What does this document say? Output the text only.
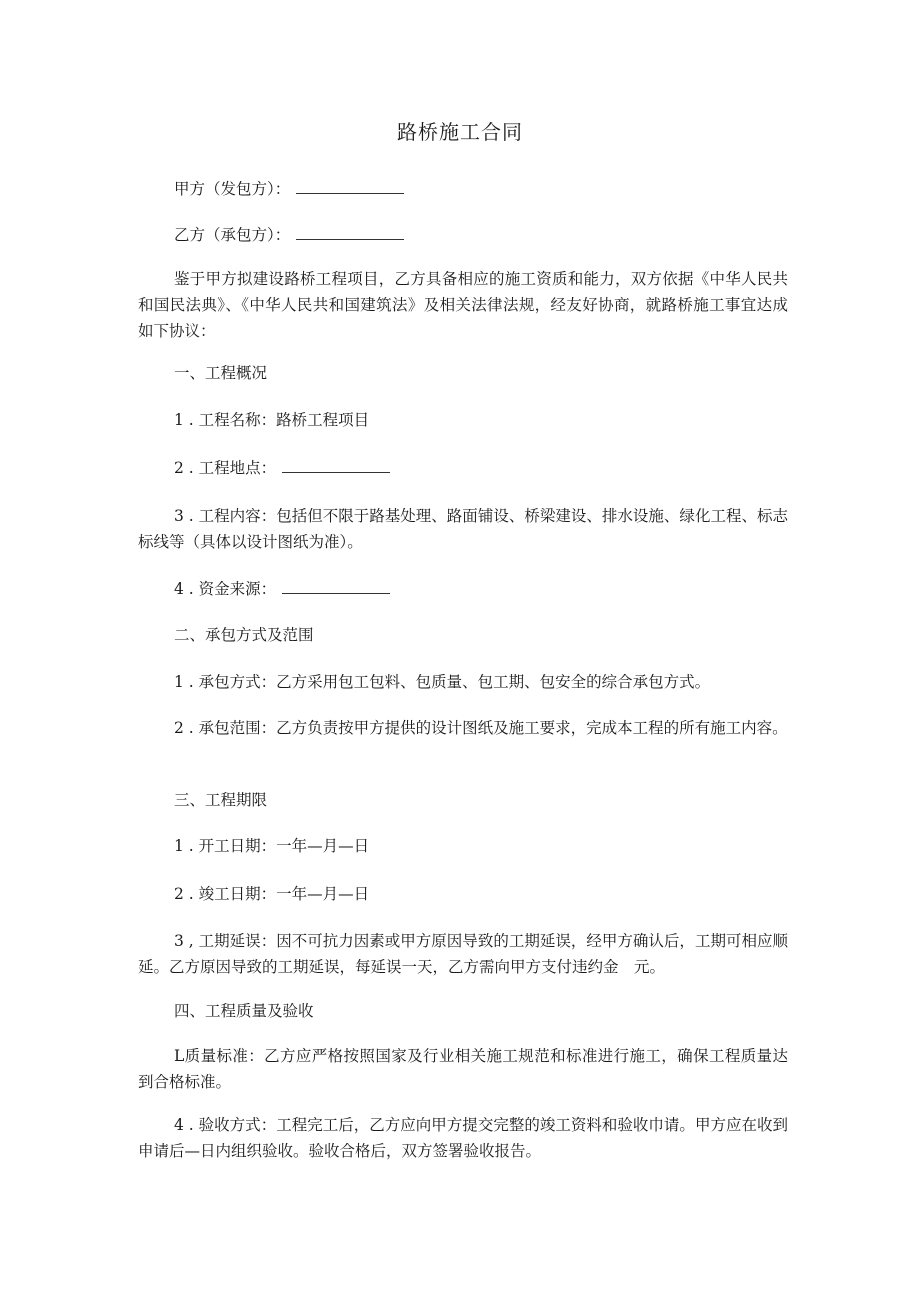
路桥施工合同
甲方（发包方）：
乙方（承包方）：
鉴于甲方拟建设路桥工程项目，乙方具备相应的施工资质和能力，双方依据《中华人民共和国民法典》、《中华人民共和国建筑法》及相关法律法规，经友好协商，就路桥施工事宜达成如下协议：
一、工程概况
1 . 工程名称：路桥工程项目
2 . 工程地点：
3 . 工程内容：包括但不限于路基处理、路面铺设、桥梁建设、排水设施、绿化工程、标志标线等（具体以设计图纸为准）。
4 . 资金来源：
二、承包方式及范围
1 . 承包方式：乙方采用包工包料、包质量、包工期、包安全的综合承包方式。
2 . 承包范围：乙方负责按甲方提供的设计图纸及施工要求，完成本工程的所有施工内容。
三、工程期限
1 . 开工日期：一年—月—日
2 . 竣工日期：一年—月—日
3 , 工期延误：因不可抗力因素或甲方原因导致的工期延误，经甲方确认后，工期可相应顺延。乙方原因导致的工期延误，每延误一天，乙方需向甲方支付违约金　元。
四、工程质量及验收
L质量标准：乙方应严格按照国家及行业相关施工规范和标准进行施工，确保工程质量达到合格标准。
4 . 验收方式：工程完工后，乙方应向甲方提交完整的竣工资料和验收巾请。甲方应在收到申请后—日内组织验收。验收合格后，双方签署验收报告。
